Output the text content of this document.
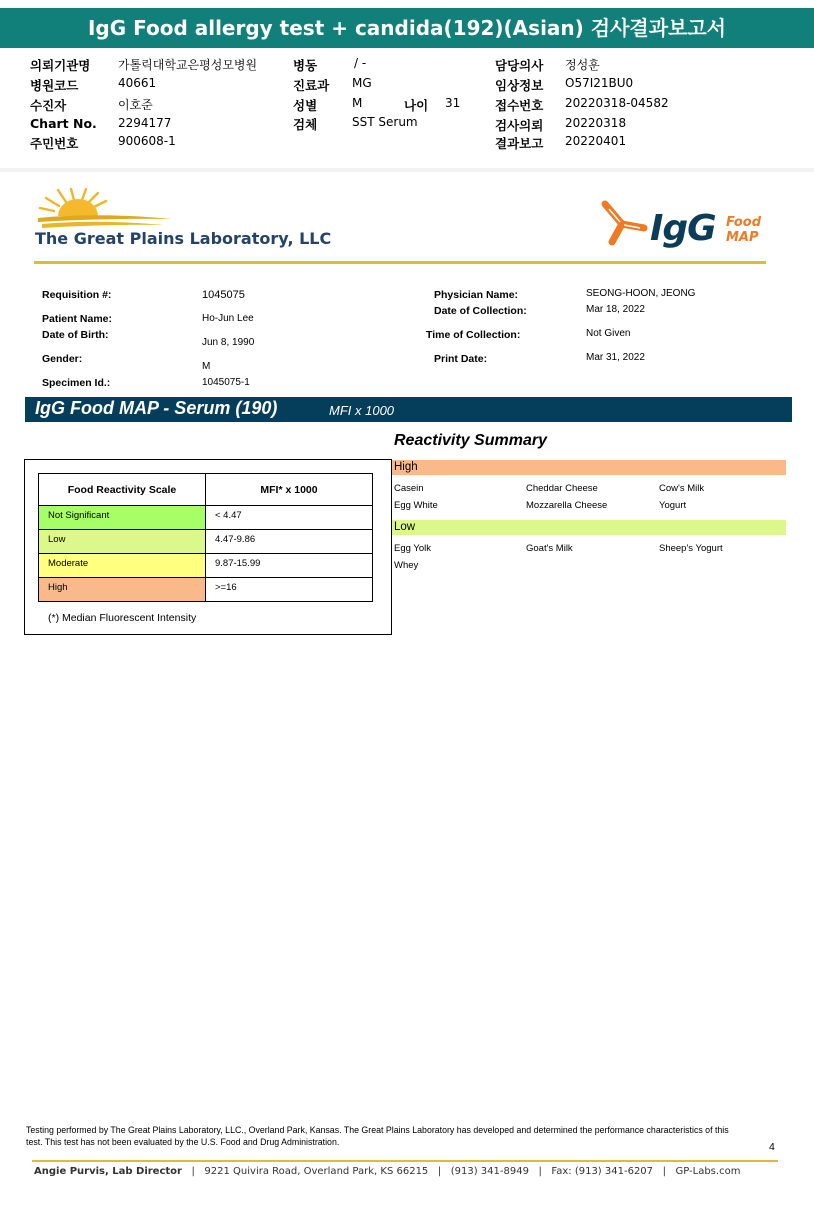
IgG Food allergy test + candida(192)(Asian) 검사결과보고서
의뢰기관명 가톨릭대학교은평성모병원
병원코드	40661
수진자	이호준
Chart No. 2294177
주민번호	900608-1
병동	/ -
진료과 MG
성별	M	나이 31
검체	SST Serum
담당의사 정성훈
임상정보 O57I21BU0
접수번호 20220318-04582
검사의뢰 20220318
결과보고 20220401
The Great Plains Laboratory, LLC	IgG Food
MAP
Requisition #:	1045075
Patient Name:	Ho-Jun Lee
Date of Birth:
Jun 8, 1990
Gender:
M
Specimen Id.:	1045075-1
Physician Name:	SEONG-HOON, JEONG
Date of Collection:	Mar 18, 2022
Time of Collection:	Not Given
Print Date:	Mar 31, 2022
IgG Food MAP - Serum (190)	MFI x 1000
Reactivity Summary
Food Reactivity Scale	MFI* x 1000
Not Significant	< 4.47
Low	4.47-9.86
Moderate	9.87-15.99
High	>=16
(*) Median Fluorescent Intensity
High
Casein	Cheddar Cheese	Cow's Milk
Egg White	Mozzarella Cheese	Yogurt
Low
Egg Yolk	Goat's Milk	Sheep's Yogurt
Whey
Testing performed by The Great Plains Laboratory, LLC., Overland Park, Kansas. The Great Plains Laboratory has developed and determined the performance characteristics of this test. This test has not been evaluated by the U.S. Food and Drug Administration.	4
Angie Purvis, Lab Director   |   9221 Quivira Road, Overland Park, KS 66215   |   (913) 341-8949   |   Fax: (913) 341-6207   |   GP-Labs.com
